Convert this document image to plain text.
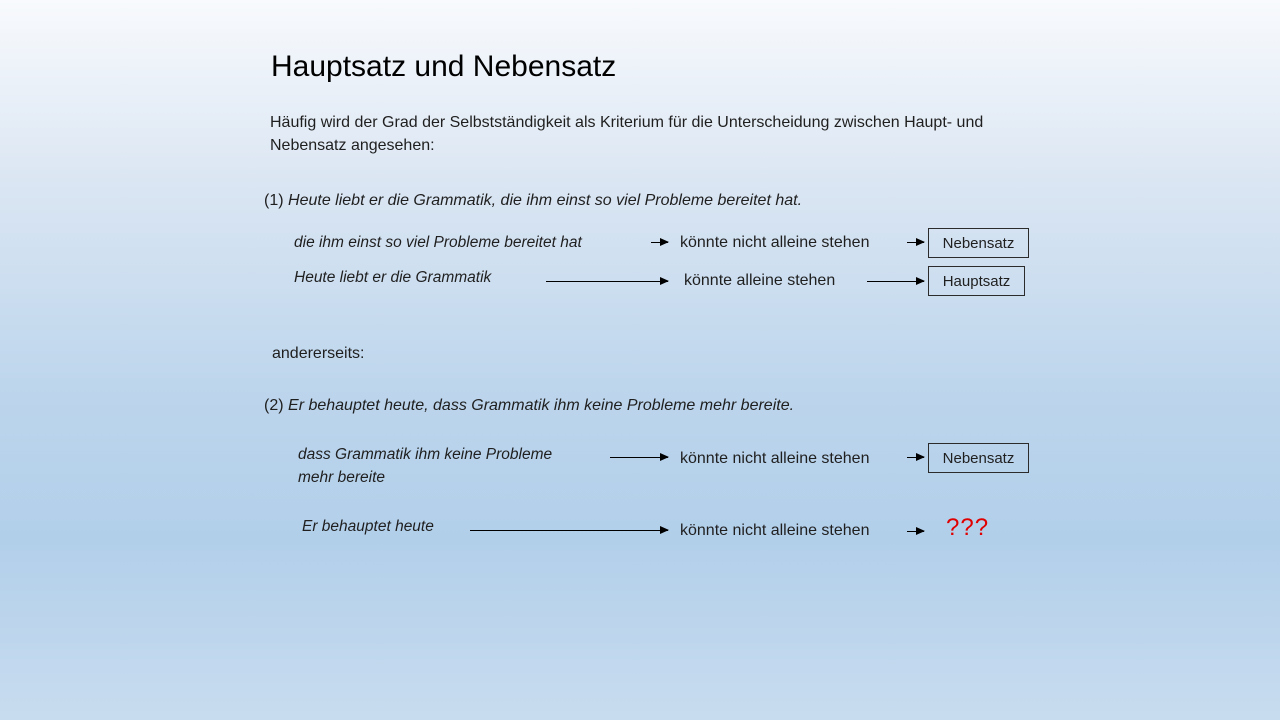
Hauptsatz und Nebensatz
Häufig wird der Grad der Selbstständigkeit als Kriterium für die Unterscheidung zwischen Haupt- und Nebensatz angesehen:
(1) Heute liebt er die Grammatik, die ihm einst so viel Probleme bereitet hat.
die ihm einst so viel Probleme bereitet hat	könnte nicht alleine stehen	Nebensatz
Heute liebt er die Grammatik	könnte alleine stehen	Hauptsatz
andererseits:
(2) Er behauptet heute, dass Grammatik ihm keine Probleme mehr bereite.
dass Grammatik ihm keine Probleme
mehr bereite
könnte nicht alleine stehen	Nebensatz
Er behauptet heute	könnte nicht alleine stehen	???
